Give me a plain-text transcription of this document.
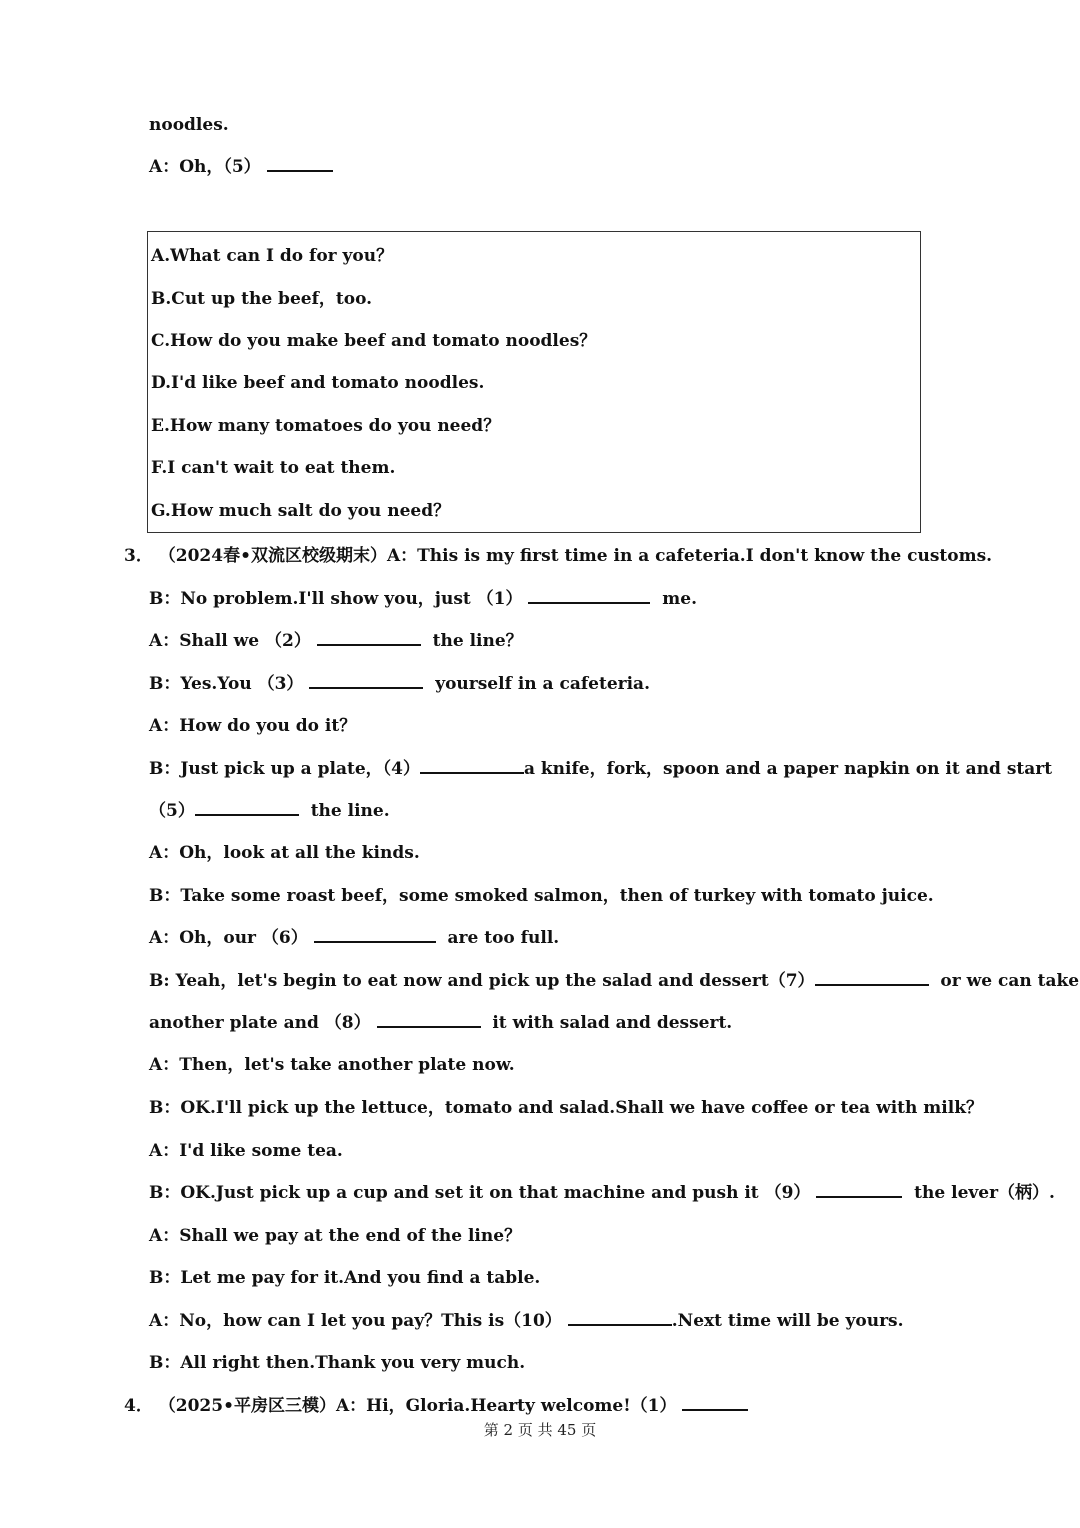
noodles.
A：Oh，（5）
A.What can I do for you？
B.Cut up the beef，too.
C.How do you make beef and tomato noodles？
D.I'd like beef and tomato noodles.
E.How many tomatoes do you need？
F.I can't wait to eat them.
G.How much salt do you need？
3． （2024春•双流区校级期末）A：This is my first time in a cafeteria.I don't know the customs.
B：No problem.I'll show you，just （1）	me.
A：Shall we （2）	the line？
B：Yes.You （3）	yourself in a cafeteria.
A：How do you do it？
B：Just pick up a plate，（4）	a knife，fork，spoon and a paper napkin on it and start
（5）	the line.
A：Oh，look at all the kinds.
B：Take some roast beef，some smoked salmon，then of turkey with tomato juice.
A：Oh，our （6）	are too full.
B: Yeah，let's begin to eat now and pick up the salad and dessert（7）	or we can take
another plate and （8）	it with salad and dessert.
A：Then，let's take another plate now.
B：OK.I'll pick up the lettuce，tomato and salad.Shall we have coffee or tea with milk？
A：I'd like some tea.
B：OK.Just pick up a cup and set it on that machine and push it （9）	the lever（柄）.
A：Shall we pay at the end of the line？
B：Let me pay for it.And you find a table.
A：No，how can I let you pay？This is（10）	.Next time will be yours.
B：All right then.Thank you very much.
4． （2025•平房区三模）A：Hi，Gloria.Hearty welcome!（1）
第 2 页 共 45 页
